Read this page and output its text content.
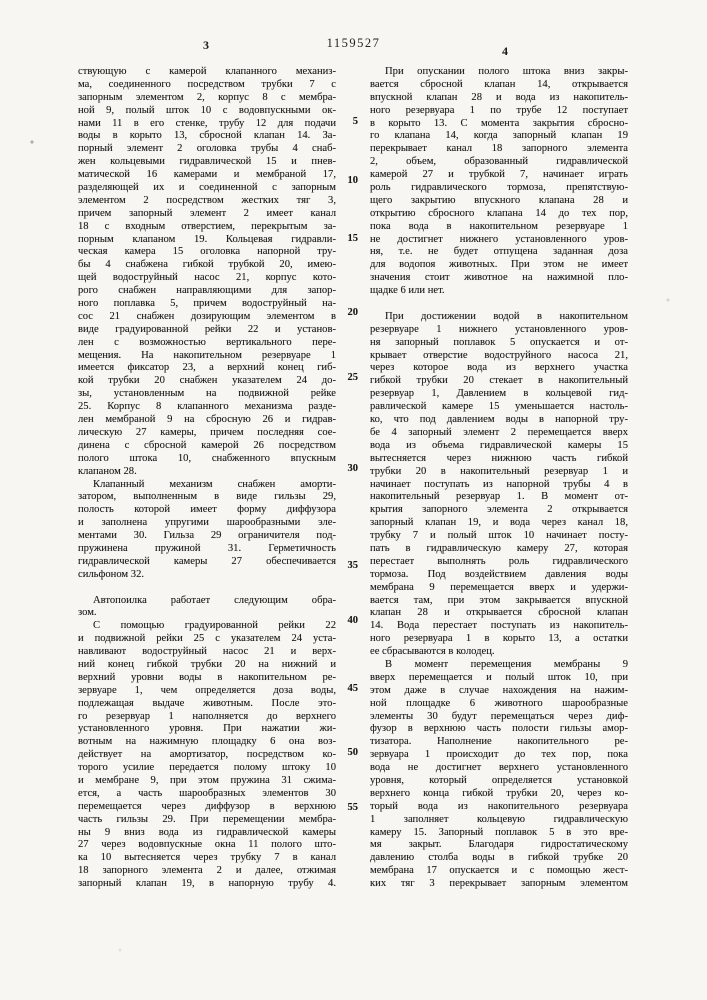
3	1159527
4
ствующую с камерой клапанного механиз-
ма, соединенного посредством трубки 7 с
запорным элементом 2, корпус 8 с мембра-
ной 9, полый шток 10 с водовпускными ок-
нами 11 в его стенке, трубу 12 для подачи
воды в корыто 13, сбросной клапан 14. За-
порный элемент 2 оголовка трубы 4 снаб-
жен кольцевыми гидравлической 15 и пнев-
матической 16 камерами и мембраной 17,
разделяющей их и соединенной с запорным
элементом 2 посредством жестких тяг 3,
причем запорный элемент 2 имеет канал
18 с входным отверстием, перекрытым за-
порным клапаном 19. Кольцевая гидравли-
ческая камера 15 оголовка напорной тру-
бы 4 снабжена гибкой трубкой 20, имею-
щей водоструйный насос 21, корпус кото-
рого снабжен направляющими для запор-
ного поплавка 5, причем водоструйный на-
сос 21 снабжен дозирующим элементом в
виде градуированной рейки 22 и установ-
лен с возможностью вертикального пере-
мещения. На накопительном резервуаре 1
имеется фиксатор 23, а верхний конец гиб-
кой трубки 20 снабжен указателем 24 до-
зы, установленным на подвижной рейке
25. Корпус 8 клапанного механизма разде-
лен мембраной 9 на сбросную 26 и гидрав-
лическую 27 камеры, причем последняя сое-
динена с сбросной камерой 26 посредством
полого штока 10, снабженного впускным
клапаном 28.
Клапанный механизм снабжен аморти-
затором, выполненным в виде гильзы 29,
полость которой имеет форму диффузора
и заполнена упругими шарообразными эле-
ментами 30. Гильза 29 ограничителя под-
пружинена пружиной 31. Герметичность
гидравлической камеры 27 обеспечивается
сильфоном 32.
Автопоилка работает следующим обра-
зом.
С помощью градуированной рейки 22
и подвижной рейки 25 с указателем 24 уста-
навливают водоструйный насос 21 и верх-
ний конец гибкой трубки 20 на нижний и
верхний уровни воды в накопительном ре-
зервуаре 1, чем определяется доза воды,
подлежащая выдаче животным. После это-
го резервуар 1 наполняется до верхнего
установленного уровня. При нажатии жи-
вотным на нажимную площадку 6 она воз-
действует на амортизатор, посредством ко-
торого усилие передается полому штоку 10
и мембране 9, при этом пружина 31 сжима-
ется, а часть шарообразных элементов 30
перемещается через диффузор в верхнюю
часть гильзы 29. При перемещении мембра-
ны 9 вниз вода из гидравлической камеры
27 через водовпускные окна 11 полого што-
ка 10 вытесняется через трубку 7 в канал
18 запорного элемента 2 и далее, отжимая
запорный клапан 19, в напорную трубу 4.
При опускании полого штока вниз закры-
вается сбросной клапан 14, открывается
впускной клапан 28 и вода из накопитель-
ного резервуара 1 по трубе 12 поступает
в корыто 13. С момента закрытия сбросно-
го клапана 14, когда запорный клапан 19
перекрывает канал 18 запорного элемента
2, объем, образованный гидравлической
камерой 27 и трубкой 7, начинает играть
роль гидравлического тормоза, препятствую-
щего закрытию впускного клапана 28 и
открытию сбросного клапана 14 до тех пор,
пока вода в накопительном резервуаре 1
не достигнет нижнего установленного уров-
ня, т.е. не будет отпущена заданная доза
для водопоя животных. При этом не имеет
значения стоит животное на нажимной пло-
щадке 6 или нет.
При достижении водой в накопительном
резервуаре 1 нижнего установленного уров-
ня запорный поплавок 5 опускается и от-
крывает отверстие водоструйного насоса 21,
через которое вода из верхнего участка
гибкой трубки 20 стекает в накопительный
резервуар 1, Давлением в кольцевой гид-
равлической камере 15 уменьшается настоль-
ко, что под давлением воды в напорной тру-
бе 4 запорный элемент 2 перемещается вверх
вода из объема гидравлической камеры 15
вытесняется через нижнюю часть гибкой
трубки 20 в накопительный резервуар 1 и
начинает поступать из напорной трубы 4 в
накопительный резервуар 1. В момент от-
крытия запорного элемента 2 открывается
запорный клапан 19, и вода через канал 18,
трубку 7 и полый шток 10 начинает посту-
пать в гидравлическую камеру 27, которая
перестает выполнять роль гидравлического
тормоза. Под воздействием давления воды
мембрана 9 перемещается вверх и удержи-
вается там, при этом закрывается впускной
клапан 28 и открывается сбросной клапан
14. Вода перестает поступать из накопитель-
ного резервуара 1 в корыто 13, а остатки
ее сбрасываются в колодец.
В момент перемещения мембраны 9
вверх перемещается и полый шток 10, при
этом даже в случае нахождения на нажим-
ной площадке 6 животного шарообразные
элементы 30 будут перемещаться через диф-
фузор в верхнюю часть полости гильзы амор-
тизатора. Наполнение накопительного ре-
зервуара 1 происходит до тех пор, пока
вода не достигнет верхнего установленного
уровня, который определяется установкой
верхнего конца гибкой трубки 20, через ко-
торый вода из накопительного резервуара
1 заполняет кольцевую гидравлическую
камеру 15. Запорный поплавок 5 в это вре-
мя закрыт. Благодаря гидростатическому
давлению столба воды в гибкой трубке 20
мембрана 17 опускается и с помощью жест-
ких тяг 3 перекрывает запорным элементом
5
10
15
20
25
30
35
40
45
50
55
